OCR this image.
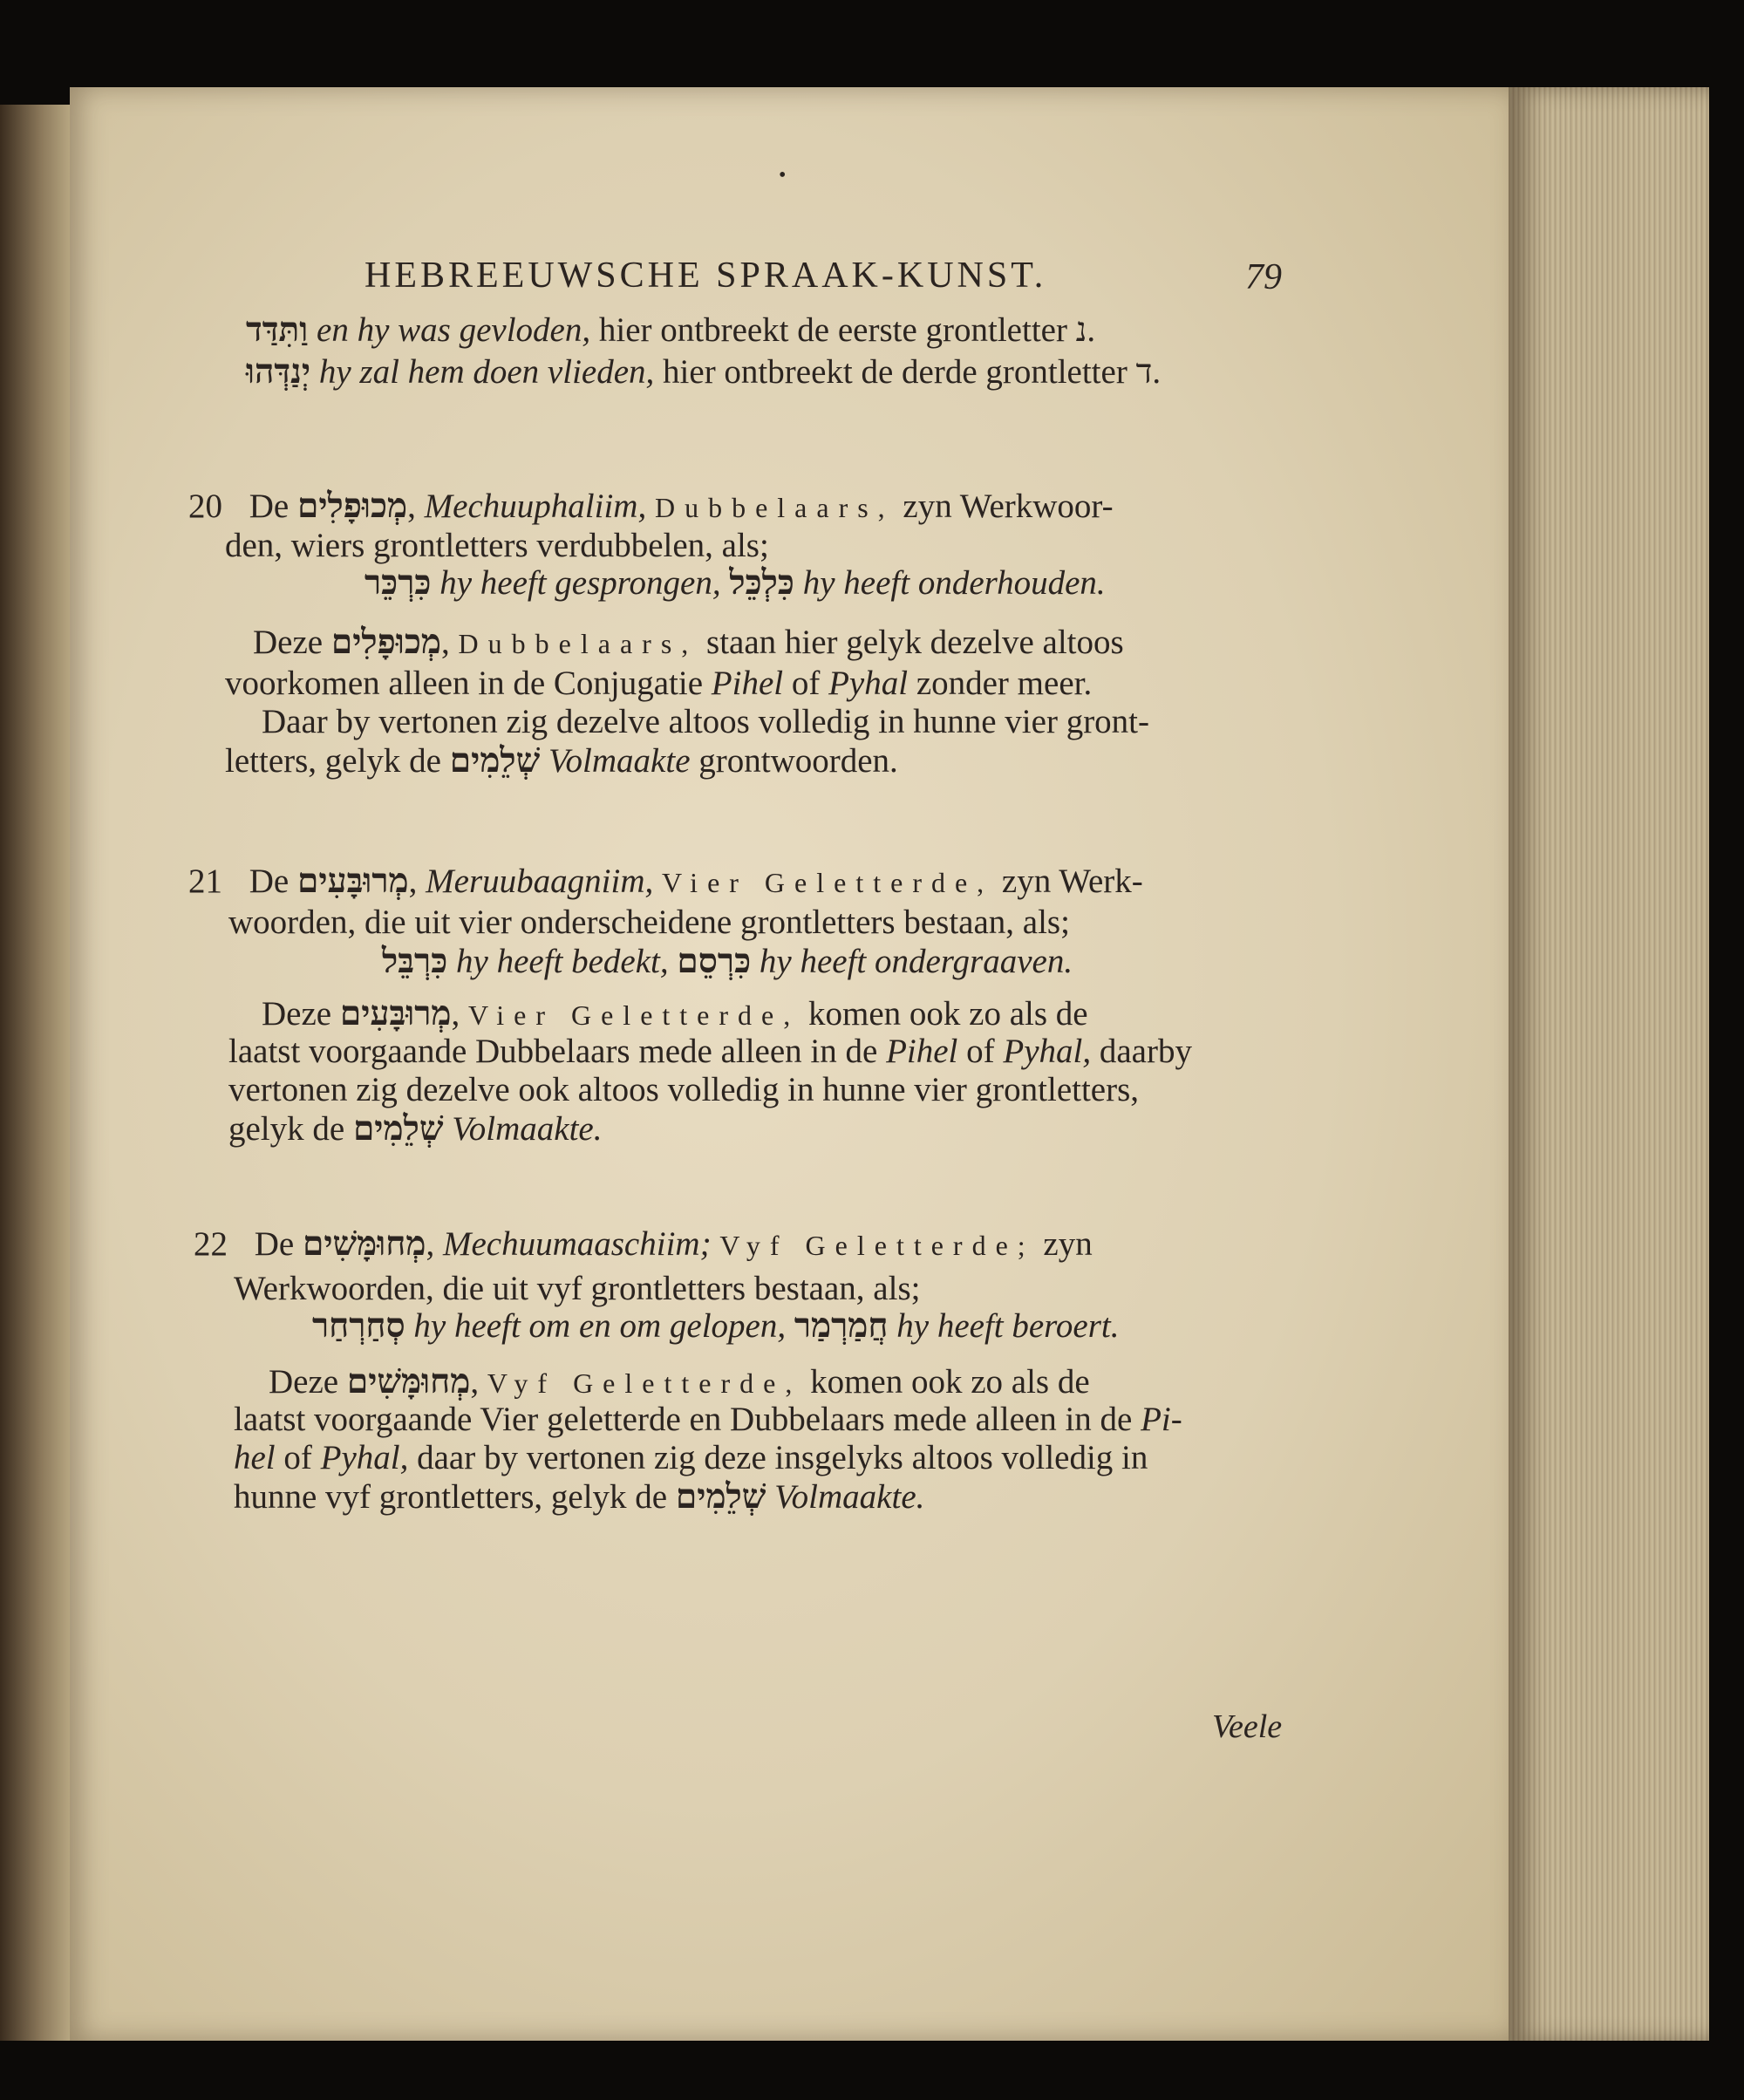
•
HEBREEUWSCHE SPRAAK-KUNST.	79
וַתִּדַּד en hy was gevloden, hier ontbreekt de eerste grontletter נ.
יְנַדְּהוּ hy zal hem doen vlieden, hier ontbreekt de derde grontletter ד.
20 De מְכוּפָלִים, Mechuuphaliim, Dubbelaars, zyn Werkwoor-
den, wiers grontletters verdubbelen, als;
כִּרְכֵּר hy heeft gesprongen, כִּלְכֵּל hy heeft onderhouden.
Deze מְכוּפָלִים, Dubbelaars, staan hier gelyk dezelve altoos
voorkomen alleen in de Conjugatie Pihel of Pyhal zonder meer.
Daar by vertonen zig dezelve altoos volledig in hunne vier gront-
letters, gelyk de שְׁלֵמִים Volmaakte grontwoorden.
21 De מְרוּבָּעִים, Meruubaagniim, Vier Geletterde, zyn Werk-
woorden, die uit vier onderscheidene grontletters bestaan, als;
כִּרְבֵּל hy heeft bedekt, כִּרְסֵם hy heeft ondergraaven.
Deze מְרוּבָּעִים, Vier Geletterde, komen ook zo als de
laatst voorgaande Dubbelaars mede alleen in de Pihel of Pyhal, daarby
vertonen zig dezelve ook altoos volledig in hunne vier grontletters,
gelyk de שְׁלֵמִים Volmaakte.
22 De מְחוּמָּשִׁים, Mechuumaaschiim; Vyf Geletterde; zyn
Werkwoorden, die uit vyf grontletters bestaan, als;
סְחַרְחַר hy heeft om en om gelopen, חֲמַרְמַר hy heeft beroert.
Deze מְחוּמָּשִׁים, Vyf Geletterde, komen ook zo als de
laatst voorgaande Vier geletterde en Dubbelaars mede alleen in de Pi-
hel of Pyhal, daar by vertonen zig deze insgelyks altoos volledig in
hunne vyf grontletters, gelyk de שְׁלֵמִים Volmaakte.
Veele
